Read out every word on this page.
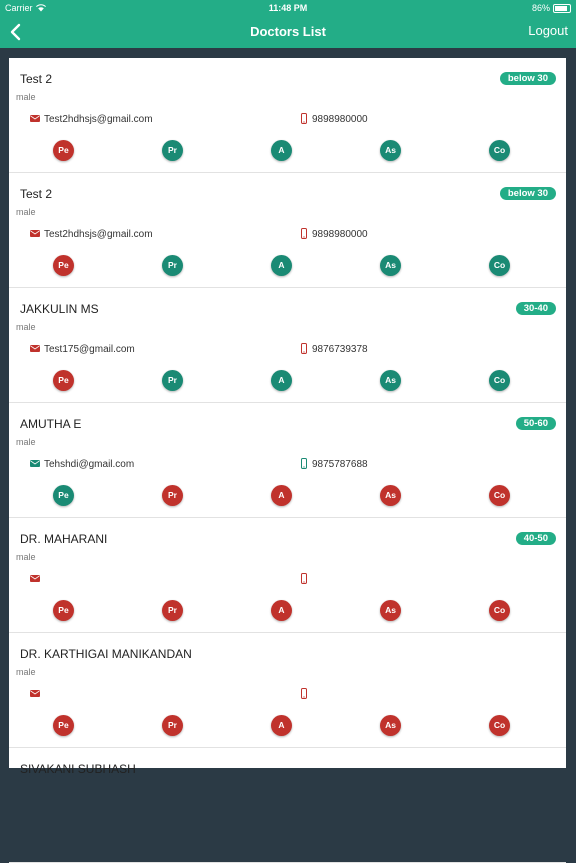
Carrier	11:48 PM	86%
Doctors List	Logout
Test 2
male
below 30
Test2hdhsjs@gmail.com	9898980000
Pe	Pr	A	As	Co
Test 2
male
below 30
Test2hdhsjs@gmail.com	9898980000
Pe	Pr	A	As	Co
JAKKULIN MS
male
30-40
Test175@gmail.com	9876739378
Pe	Pr	A	As	Co
AMUTHA E
male
50-60
Tehshdi@gmail.com	9875787688
Pe	Pr	A	As	Co
DR. MAHARANI
male
40-50
Pe	Pr	A	As	Co
DR. KARTHIGAI MANIKANDAN
male
Pe	Pr	A	As	Co
SIVAKANI SUBHASH
